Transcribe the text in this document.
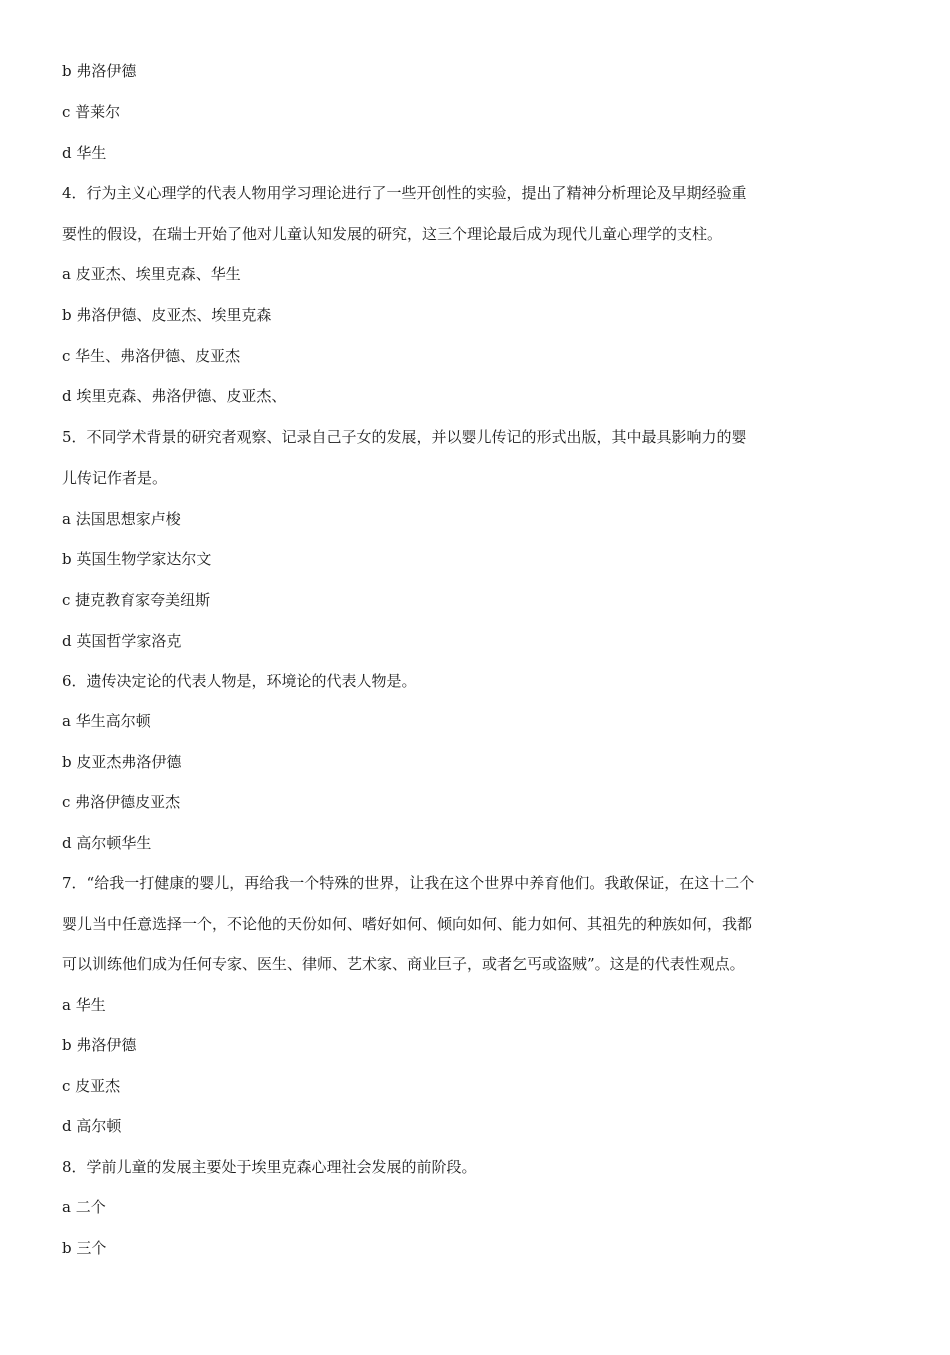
b 弗洛伊德
c 普莱尔
d 华生
4．行为主义心理学的代表人物用学习理论进行了一些开创性的实验，提出了精神分析理论及早期经验重
要性的假设，在瑞士开始了他对儿童认知发展的研究，这三个理论最后成为现代儿童心理学的支柱。
a 皮亚杰、埃里克森、华生
b 弗洛伊德、皮亚杰、埃里克森
c 华生、弗洛伊德、皮亚杰
d 埃里克森、弗洛伊德、皮亚杰、
5．不同学术背景的研究者观察、记录自己子女的发展，并以婴儿传记的形式出版，其中最具影响力的婴
儿传记作者是。
a 法国思想家卢梭
b 英国生物学家达尔文
c 捷克教育家夸美纽斯
d 英国哲学家洛克
6．遗传决定论的代表人物是，环境论的代表人物是。
a 华生高尔顿
b 皮亚杰弗洛伊德
c 弗洛伊德皮亚杰
d 高尔顿华生
7．“给我一打健康的婴儿，再给我一个特殊的世界，让我在这个世界中养育他们。我敢保证，在这十二个
婴儿当中任意选择一个，不论他的天份如何、嗜好如何、倾向如何、能力如何、其祖先的种族如何，我都
可以训练他们成为任何专家、医生、律师、艺术家、商业巨子，或者乞丐或盗贼”。这是的代表性观点。
a 华生
b 弗洛伊德
c 皮亚杰
d 高尔顿
8．学前儿童的发展主要处于埃里克森心理社会发展的前阶段。
a 二个
b 三个
